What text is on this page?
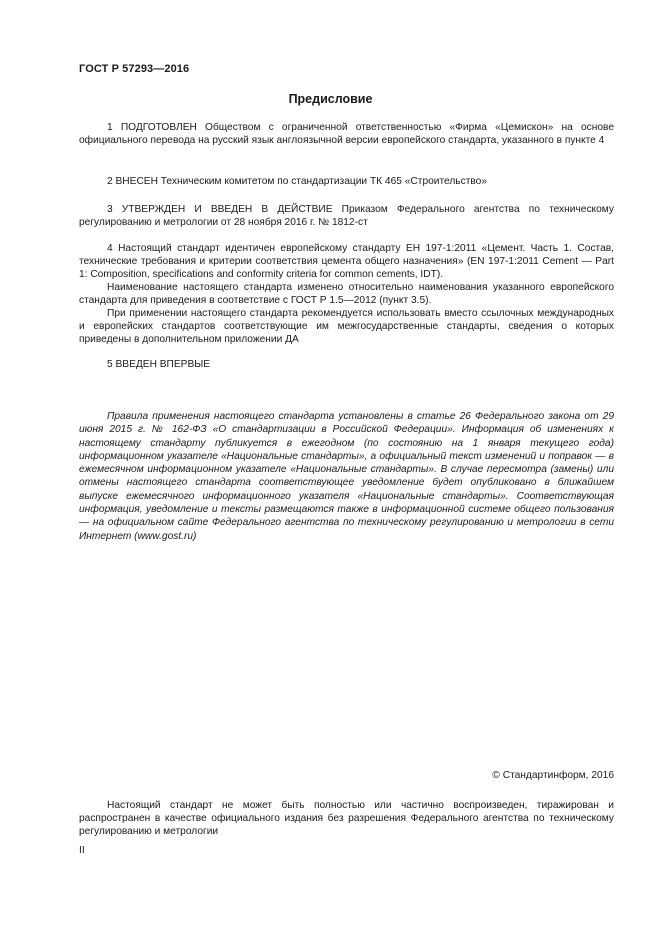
ГОСТ Р 57293—2016
Предисловие

1 ПОДГОТОВЛЕН Обществом с ограниченной ответственностью «Фирма «Цемискон» на основе официального перевода на русский язык англоязычной версии европейского стандарта, указанного в пункте 4

2 ВНЕСЕН Техническим комитетом по стандартизации ТК 465 «Строительство»

3 УТВЕРЖДЕН И ВВЕДЕН В ДЕЙСТВИЕ Приказом Федерального агентства по техническому регулированию и метрологии от 28 ноября 2016 г. № 1812-ст

4 Настоящий стандарт идентичен европейскому стандарту ЕН 197-1:2011 «Цемент. Часть 1. Состав, технические требования и критерии соответствия цемента общего назначения» (EN 197-1:2011 Cement — Part 1: Composition, specifications and conformity criteria for common cements, IDT).

Наименование настоящего стандарта изменено относительно наименования указанного европейского стандарта для приведения в соответствие с ГОСТ Р 1.5—2012 (пункт 3.5).

При применении настоящего стандарта рекомендуется использовать вместо ссылочных международных и европейских стандартов соответствующие им межгосударственные стандарты, сведения о которых приведены в дополнительном приложении ДА

5 ВВЕДЕН ВПЕРВЫЕ

Правила применения настоящего стандарта установлены в статье 26 Федерального закона от 29 июня 2015 г. № 162-ФЗ «О стандартизации в Российской Федерации». Информация об изменениях к настоящему стандарту публикуется в ежегодном (по состоянию на 1 января текущего года) информационном указателе «Национальные стандарты», а официальный текст изменений и поправок — в ежемесячном информационном указателе «Национальные стандарты». В случае пересмотра (замены) или отмены настоящего стандарта соответствующее уведомление будет опубликовано в ближайшем выпуске ежемесячного информационного указателя «Национальные стандарты». Соответствующая информация, уведомление и тексты размещаются также в информационной системе общего пользования — на официальном сайте Федерального агентства по техническому регулированию и метрологии в сети Интернет (www.gost.ru)

© Стандартинформ, 2016

Настоящий стандарт не может быть полностью или частично воспроизведен, тиражирован и распространен в качестве официального издания без разрешения Федерального агентства по техническому регулированию и метрологии

II
